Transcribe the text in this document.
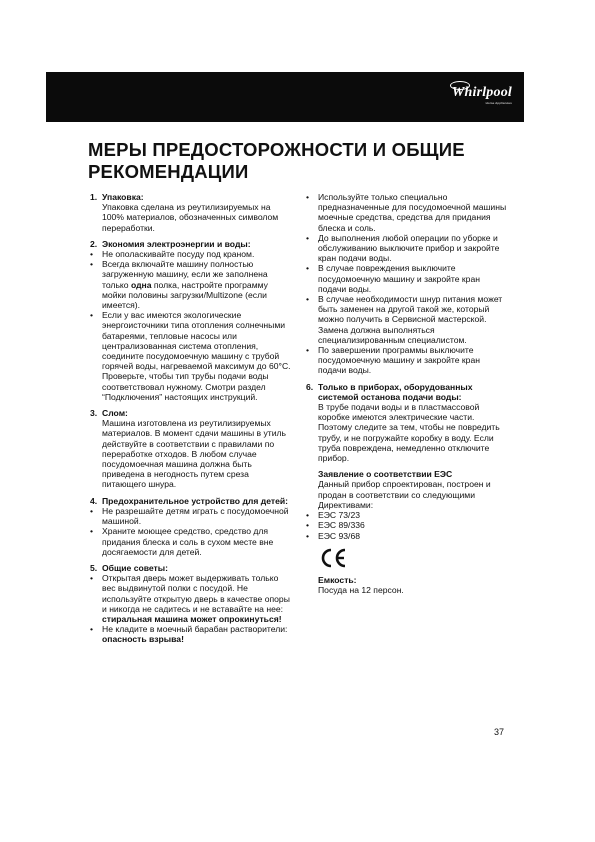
Whirlpool
Home Appliances
МЕРЫ ПРЕДОСТОРОЖНОСТИ И ОБЩИЕ РЕКОМЕНДАЦИИ
1. Упаковка:
Упаковка сделана из реутилизируемых на 100% материалов, обозначенных символом переработки.
2. Экономия электроэнергии и воды:
•	Не ополаскивайте посуду под краном.
•	Всегда включайте машину полностью загруженную машину, если же заполнена только одна полка, настройте программу мойки половины загрузки/Multizone (если имеется).
•	Если у вас имеются экологические энергоисточники типа отопления солнечными батареями, тепловые насосы или централизованная система отопления, соедините посудомоечную машину с трубой горячей воды, нагреваемой максимум до 60°C. Проверьте, чтобы тип трубы подачи воды соответствовал нужному. Смотри раздел “Подключения” настоящих инструкций.
3. Слом:
Машина изготовлена из реутилизируемых материалов. В момент сдачи машины в утиль действуйте в соответствии с правилами по переработке отходов. В любом случае посудомоечная машина должна быть приведена в негодность путем среза питающего шнура.
4. Предохранительное устройство для детей:
•	Не разрешайте детям играть с посудомоечной машиной.
•	Храните моющее средство, средство для придания блеска и соль в сухом месте вне досягаемости для детей.
5. Общие советы:
•	Открытая дверь может выдерживать только вес выдвинутой полки с посудой. Не используйте открытую дверь в качестве опоры и никогда не садитесь и не вставайте на нее: стиральная машина может опрокинуться!
•	Не кладите в моечный барабан растворители: опасность взрыва!
•	Используйте только специально предназначенные для посудомоечной машины моечные средства, средства для придания блеска и соль.
•	До выполнения любой операции по уборке и обслуживанию выключите прибор и закройте кран подачи воды.
•	В случае повреждения выключите посудомоечную машину и закройте кран подачи воды.
•	В случае необходимости шнур питания может быть заменен на другой такой же, который можно получить в Сервисной мастерской. Замена должна выполняться специализированным специалистом.
•	По завершении программы выключите посудомоечную машину и закройте кран подачи воды.
6. Только в приборах, оборудованных системой останова подачи воды:
В трубе подачи воды и в пластмассовой коробке имеются электрические части. Поэтому следите за тем, чтобы не повредить трубу, и не погружайте коробку в воду. Если труба повреждена, немедленно отключите прибор.
Заявление о соответствии ЕЭС
Данный прибор спроектирован, построен и продан в соответствии со следующими Директивами:
•	ЕЭС 73/23
•	ЕЭС 89/336
•	ЕЭС 93/68
Емкость:
Посуда на 12 персон.
37
